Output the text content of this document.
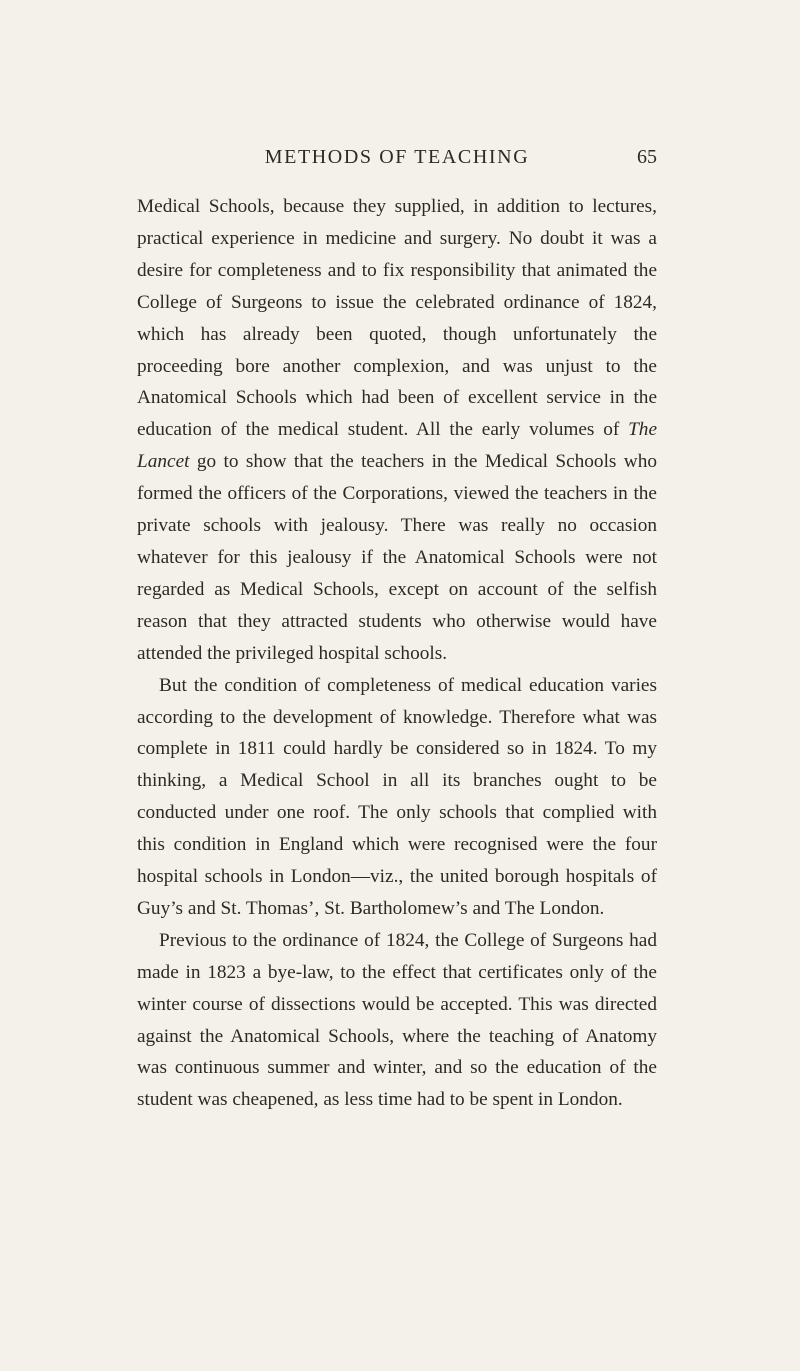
METHODS OF TEACHING	65

Medical Schools, because they supplied, in addition to lectures, practical experience in medicine and surgery. No doubt it was a desire for completeness and to fix responsibility that animated the College of Surgeons to issue the celebrated ordinance of 1824, which has already been quoted, though unfortunately the proceeding bore another complexion, and was unjust to the Anatomical Schools which had been of excellent service in the education of the medical student. All the early volumes of The Lancet go to show that the teachers in the Medical Schools who formed the officers of the Corporations, viewed the teachers in the private schools with jealousy. There was really no occasion whatever for this jealousy if the Anatomical Schools were not regarded as Medical Schools, except on account of the selfish reason that they attracted students who otherwise would have attended the privileged hospital schools.

But the condition of completeness of medical education varies according to the development of knowledge. Therefore what was complete in 1811 could hardly be considered so in 1824. To my thinking, a Medical School in all its branches ought to be conducted under one roof. The only schools that complied with this condition in England which were recognised were the four hospital schools in London—viz., the united borough hospitals of Guy’s and St. Thomas’, St. Bartholomew’s and The London.

Previous to the ordinance of 1824, the College of Surgeons had made in 1823 a bye-law, to the effect that certificates only of the winter course of dissections would be accepted. This was directed against the Anatomical Schools, where the teaching of Anatomy was continuous summer and winter, and so the education of the student was cheapened, as less time had to be spent in London.
